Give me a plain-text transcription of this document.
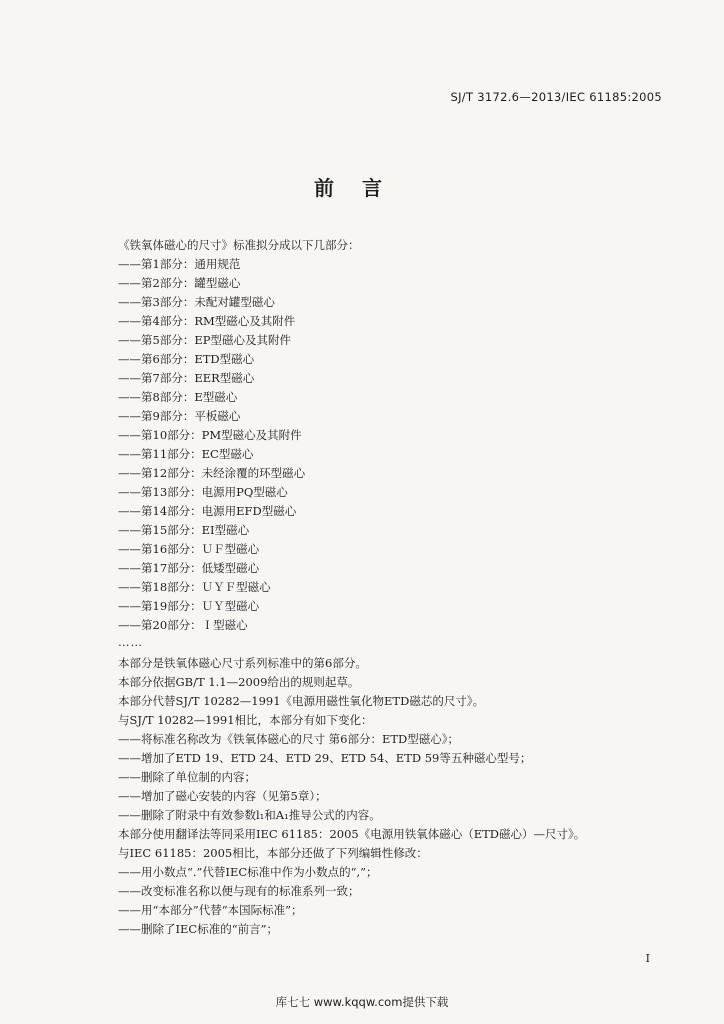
SJ/T 3172.6—2013/IEC 61185:2005
前言
《铁氧体磁心的尺寸》标准拟分成以下几部分：
——第1部分：通用规范
——第2部分：罐型磁心
——第3部分：未配对罐型磁心
——第4部分：RM型磁心及其附件
——第5部分：EP型磁心及其附件
——第6部分：ETD型磁心
——第7部分：EER型磁心
——第8部分：E型磁心
——第9部分：平板磁心
——第10部分：PM型磁心及其附件
——第11部分：EC型磁心
——第12部分：未经涂覆的环型磁心
——第13部分：电源用PQ型磁心
——第14部分：电源用EFD型磁心
——第15部分：EI型磁心
——第16部分：ＵＦ型磁心
——第17部分：低矮型磁心
——第18部分：ＵＹＦ型磁心
——第19部分：ＵＹ型磁心
——第20部分：Ｉ型磁心
……
本部分是铁氧体磁心尺寸系列标准中的第6部分。
本部分依据GB/T 1.1—2009给出的规则起草。
本部分代替SJ/T 10282—1991《电源用磁性氧化物ETD磁芯的尺寸》。
与SJ/T 10282—1991相比，本部分有如下变化：
——将标准名称改为《铁氧体磁心的尺寸 第6部分：ETD型磁心》；
——增加了ETD 19、ETD 24、ETD 29、ETD 54、ETD 59等五种磁心型号；
——删除了单位制的内容；
——增加了磁心安装的内容（见第5章）；
——删除了附录中有效参数l₁和A₁推导公式的内容。
本部分使用翻译法等同采用IEC 61185：2005《电源用铁氧体磁心（ETD磁心）—尺寸》。
与IEC 61185：2005相比，本部分还做了下列编辑性修改：
——用小数点“.”代替IEC标准中作为小数点的“,”；
——改变标准名称以便与现有的标准系列一致；
——用“本部分”代替“本国际标准”；
——删除了IEC标准的“前言”；
I
库七七 www.kqqw.com提供下载
